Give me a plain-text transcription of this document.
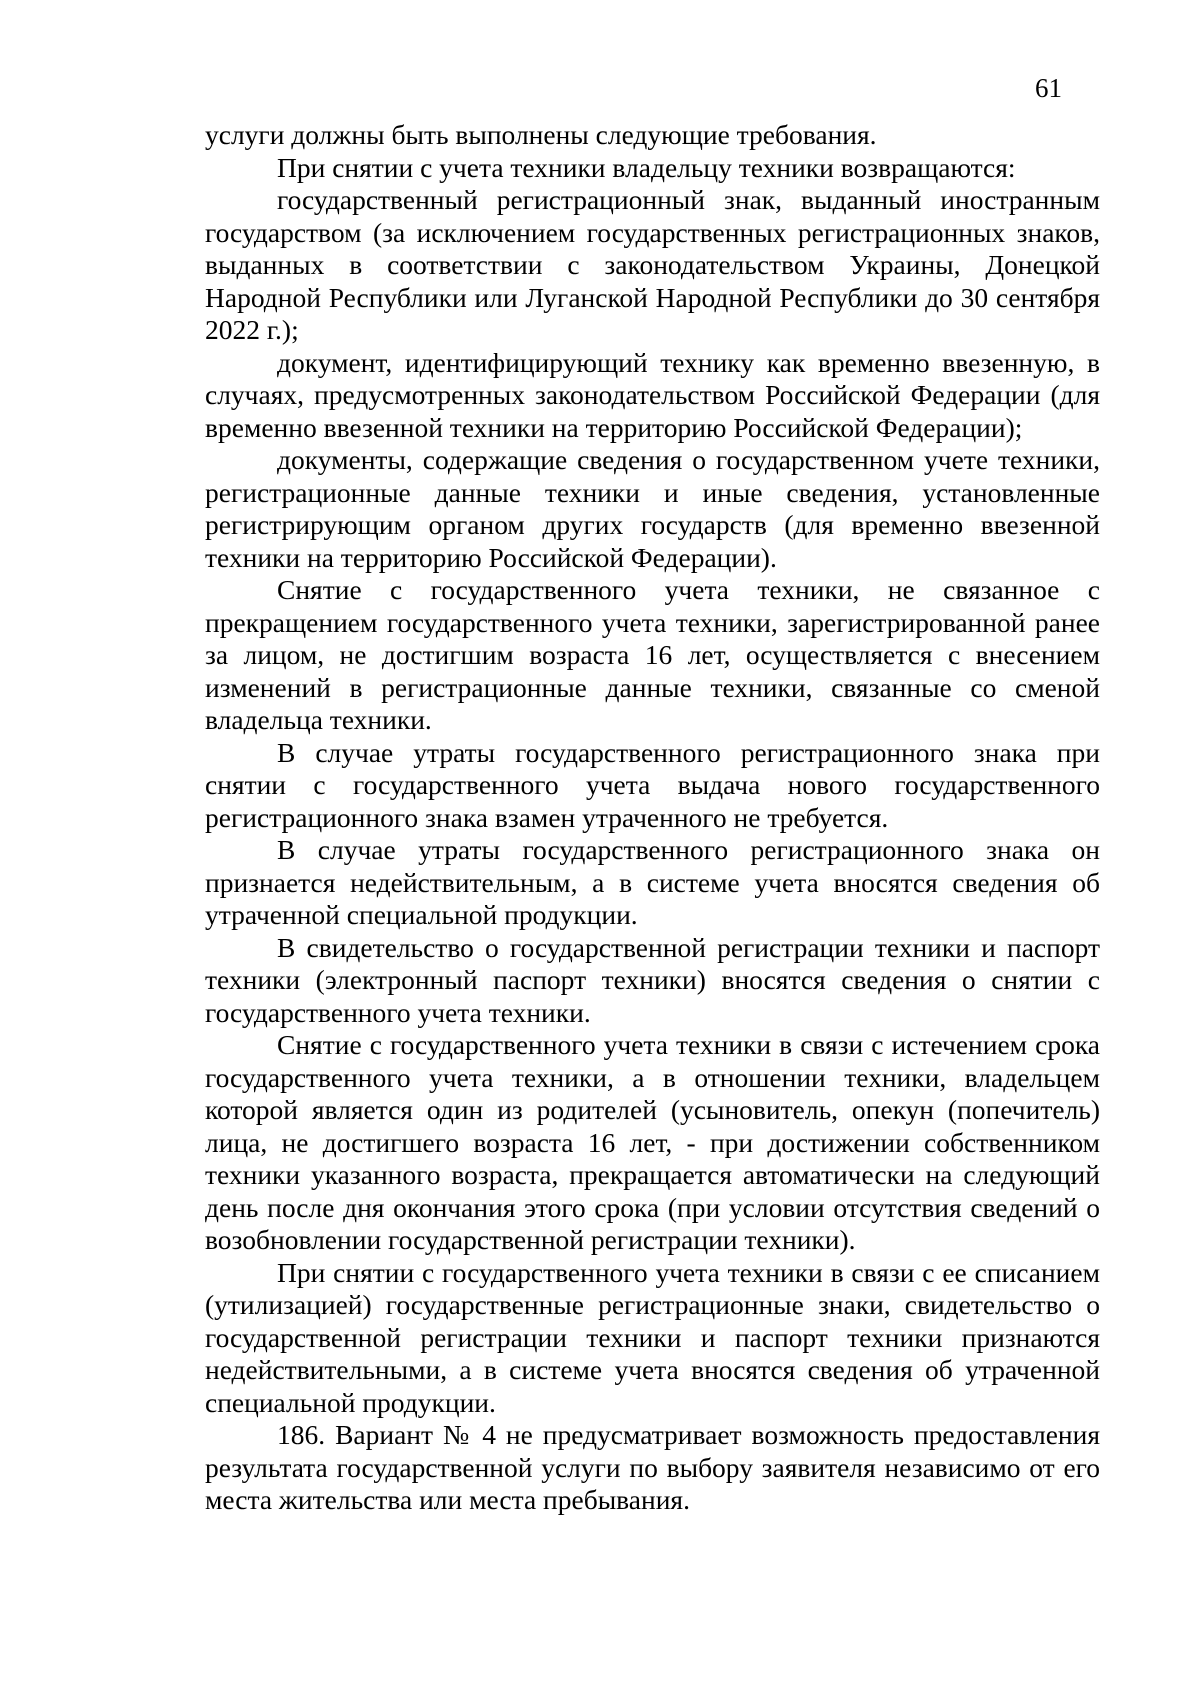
61

услуги должны быть выполнены следующие требования.

При снятии с учета техники владельцу техники возвращаются:

государственный регистрационный знак, выданный иностранным государством (за исключением государственных регистрационных знаков, выданных в соответствии с законодательством Украины, Донецкой Народной Республики или Луганской Народной Республики до 30 сентября 2022 г.);

документ, идентифицирующий технику как временно ввезенную, в случаях, предусмотренных законодательством Российской Федерации (для временно ввезенной техники на территорию Российской Федерации);

документы, содержащие сведения о государственном учете техники, регистрационные данные техники и иные сведения, установленные регистрирующим органом других государств (для временно ввезенной техники на территорию Российской Федерации).

Снятие с государственного учета техники, не связанное с прекращением государственного учета техники, зарегистрированной ранее за лицом, не достигшим возраста 16 лет, осуществляется с внесением изменений в регистрационные данные техники, связанные со сменой владельца техники.

В случае утраты государственного регистрационного знака при снятии с государственного учета выдача нового государственного регистрационного знака взамен утраченного не требуется.

В случае утраты государственного регистрационного знака он признается недействительным, а в системе учета вносятся сведения об утраченной специальной продукции.

В свидетельство о государственной регистрации техники и паспорт техники (электронный паспорт техники) вносятся сведения о снятии с государственного учета техники.

Снятие с государственного учета техники в связи с истечением срока государственного учета техники, а в отношении техники, владельцем которой является один из родителей (усыновитель, опекун (попечитель) лица, не достигшего возраста 16 лет, - при достижении собственником техники указанного возраста, прекращается автоматически на следующий день после дня окончания этого срока (при условии отсутствия сведений о возобновлении государственной регистрации техники).

При снятии с государственного учета техники в связи с ее списанием (утилизацией) государственные регистрационные знаки, свидетельство о государственной регистрации техники и паспорт техники признаются недействительными, а в системе учета вносятся сведения об утраченной специальной продукции.

186. Вариант № 4 не предусматривает возможность предоставления результата государственной услуги по выбору заявителя независимо от его места жительства или места пребывания.
